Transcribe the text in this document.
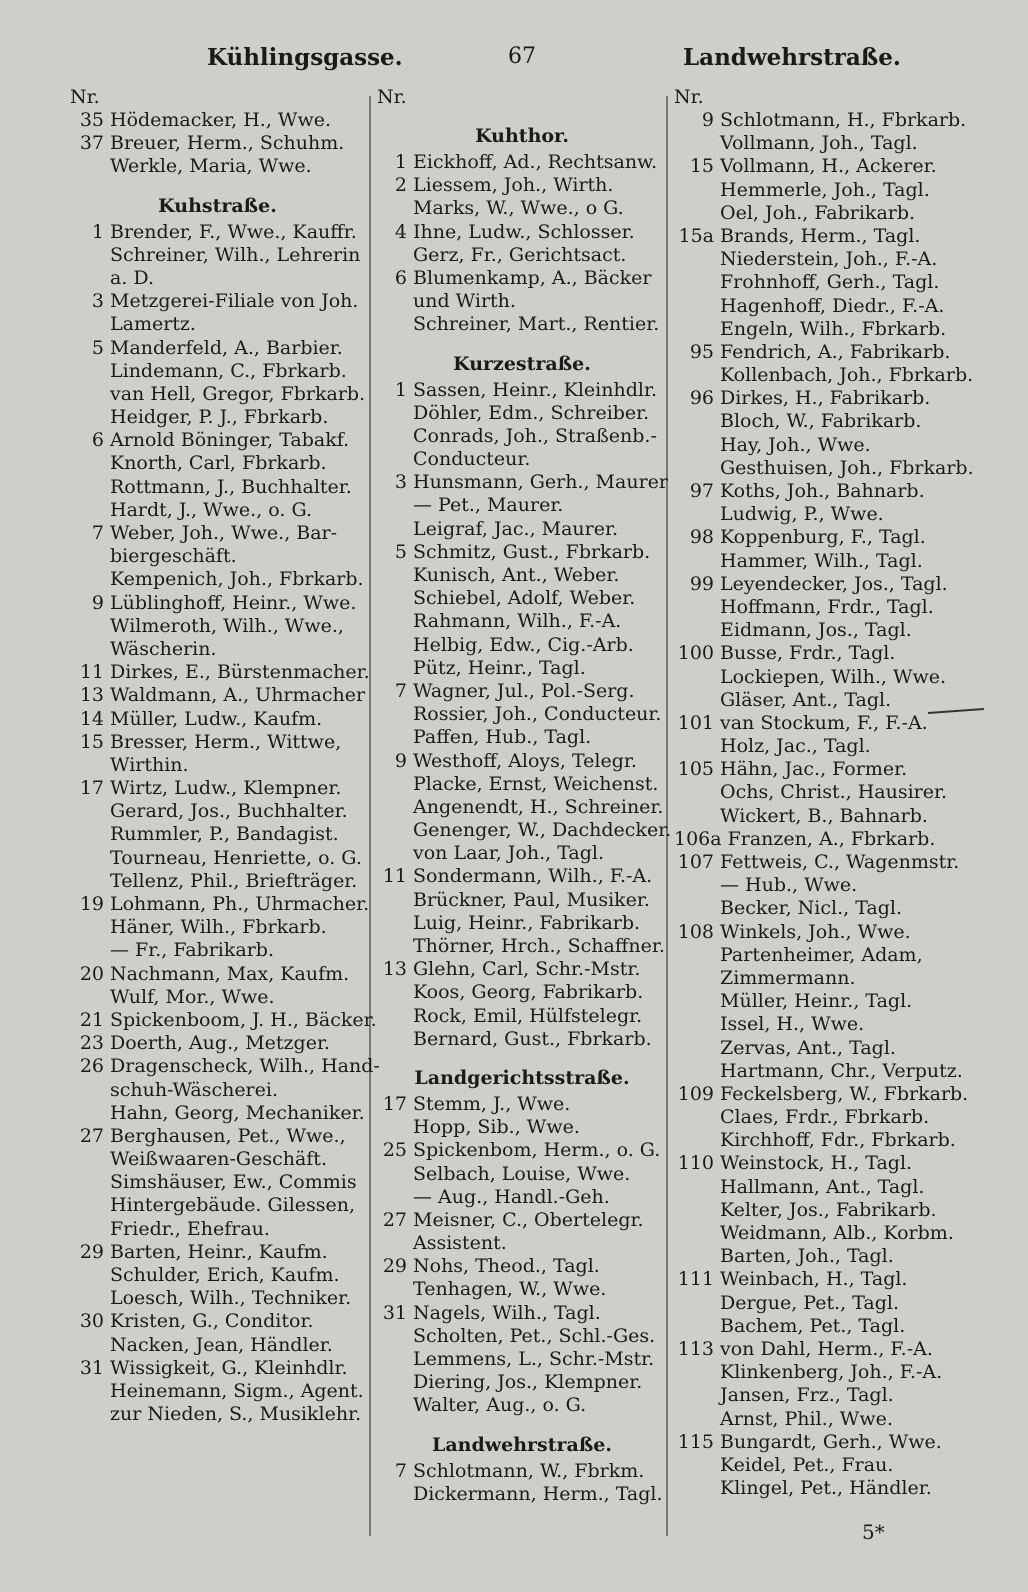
Kühlingsgasse.	67	Landwehrstraße.
Nr.
35 Hödemacker, H., Wwe.
37 Breuer, Herm., Schuhm.
Werkle, Maria, Wwe.
Kuhstraße.
1 Brender, F., Wwe., Kauffr.
Schreiner, Wilh., Lehrerin
a. D.
3 Metzgerei-Filiale von Joh.
Lamertz.
5 Manderfeld, A., Barbier.
Lindemann, C., Fbrkarb.
van Hell, Gregor, Fbrkarb.
Heidger, P. J., Fbrkarb.
6 Arnold Böninger, Tabakf.
Knorth, Carl, Fbrkarb.
Rottmann, J., Buchhalter.
Hardt, J., Wwe., o. G.
7 Weber, Joh., Wwe., Bar-
biergeschäft.
Kempenich, Joh., Fbrkarb.
9 Lüblinghoff, Heinr., Wwe.
Wilmeroth, Wilh., Wwe.,
Wäscherin.
11 Dirkes, E., Bürstenmacher.
13 Waldmann, A., Uhrmacher
14 Müller, Ludw., Kaufm.
15 Bresser, Herm., Wittwe,
Wirthin.
17 Wirtz, Ludw., Klempner.
Gerard, Jos., Buchhalter.
Rummler, P., Bandagist.
Tourneau, Henriette, o. G.
Tellenz, Phil., Briefträger.
19 Lohmann, Ph., Uhrmacher.
Häner, Wilh., Fbrkarb.
— Fr., Fabrikarb.
20 Nachmann, Max, Kaufm.
Wulf, Mor., Wwe.
21 Spickenboom, J. H., Bäcker.
23 Doerth, Aug., Metzger.
26 Dragenscheck, Wilh., Hand-
schuh-Wäscherei.
Hahn, Georg, Mechaniker.
27 Berghausen, Pet., Wwe.,
Weißwaaren-Geschäft.
Simshäuser, Ew., Commis
Hintergebäude. Gilessen,
Friedr., Ehefrau.
29 Barten, Heinr., Kaufm.
Schulder, Erich, Kaufm.
Loesch, Wilh., Techniker.
30 Kristen, G., Conditor.
Nacken, Jean, Händler.
31 Wissigkeit, G., Kleinhdlr.
Heinemann, Sigm., Agent.
zur Nieden, S., Musiklehr.
Nr.
Kuhthor.
1 Eickhoff, Ad., Rechtsanw.
2 Liessem, Joh., Wirth.
Marks, W., Wwe., o G.
4 Ihne, Ludw., Schlosser.
Gerz, Fr., Gerichtsact.
6 Blumenkamp, A., Bäcker
und Wirth.
Schreiner, Mart., Rentier.
Kurzestraße.
1 Sassen, Heinr., Kleinhdlr.
Döhler, Edm., Schreiber.
Conrads, Joh., Straßenb.-
Conducteur.
3 Hunsmann, Gerh., Maurer
— Pet., Maurer.
Leigraf, Jac., Maurer.
5 Schmitz, Gust., Fbrkarb.
Kunisch, Ant., Weber.
Schiebel, Adolf, Weber.
Rahmann, Wilh., F.-A.
Helbig, Edw., Cig.-Arb.
Pütz, Heinr., Tagl.
7 Wagner, Jul., Pol.-Serg.
Rossier, Joh., Conducteur.
Paffen, Hub., Tagl.
9 Westhoff, Aloys, Telegr.
Placke, Ernst, Weichenst.
Angenendt, H., Schreiner.
Genenger, W., Dachdecker.
von Laar, Joh., Tagl.
11 Sondermann, Wilh., F.-A.
Brückner, Paul, Musiker.
Luig, Heinr., Fabrikarb.
Thörner, Hrch., Schaffner.
13 Glehn, Carl, Schr.-Mstr.
Koos, Georg, Fabrikarb.
Rock, Emil, Hülfstelegr.
Bernard, Gust., Fbrkarb.
Landgerichtsstraße.
17 Stemm, J., Wwe.
Hopp, Sib., Wwe.
25 Spickenbom, Herm., o. G.
Selbach, Louise, Wwe.
— Aug., Handl.-Geh.
27 Meisner, C., Obertelegr.
Assistent.
29 Nohs, Theod., Tagl.
Tenhagen, W., Wwe.
31 Nagels, Wilh., Tagl.
Scholten, Pet., Schl.-Ges.
Lemmens, L., Schr.-Mstr.
Diering, Jos., Klempner.
Walter, Aug., o. G.
Landwehrstraße.
7 Schlotmann, W., Fbrkm.
Dickermann, Herm., Tagl.
Nr.
9 Schlotmann, H., Fbrkarb.
Vollmann, Joh., Tagl.
15 Vollmann, H., Ackerer.
Hemmerle, Joh., Tagl.
Oel, Joh., Fabrikarb.
15a Brands, Herm., Tagl.
Niederstein, Joh., F.-A.
Frohnhoff, Gerh., Tagl.
Hagenhoff, Diedr., F.-A.
Engeln, Wilh., Fbrkarb.
95 Fendrich, A., Fabrikarb.
Kollenbach, Joh., Fbrkarb.
96 Dirkes, H., Fabrikarb.
Bloch, W., Fabrikarb.
Hay, Joh., Wwe.
Gesthuisen, Joh., Fbrkarb.
97 Koths, Joh., Bahnarb.
Ludwig, P., Wwe.
98 Koppenburg, F., Tagl.
Hammer, Wilh., Tagl.
99 Leyendecker, Jos., Tagl.
Hoffmann, Frdr., Tagl.
Eidmann, Jos., Tagl.
100 Busse, Frdr., Tagl.
Lockiepen, Wilh., Wwe.
Gläser, Ant., Tagl.
101 van Stockum, F., F.-A.
Holz, Jac., Tagl.
105 Hähn, Jac., Former.
Ochs, Christ., Hausirer.
Wickert, B., Bahnarb.
106a Franzen, A., Fbrkarb.
107 Fettweis, C., Wagenmstr.
— Hub., Wwe.
Becker, Nicl., Tagl.
108 Winkels, Joh., Wwe.
Partenheimer, Adam,
Zimmermann.
Müller, Heinr., Tagl.
Issel, H., Wwe.
Zervas, Ant., Tagl.
Hartmann, Chr., Verputz.
109 Feckelsberg, W., Fbrkarb.
Claes, Frdr., Fbrkarb.
Kirchhoff, Fdr., Fbrkarb.
110 Weinstock, H., Tagl.
Hallmann, Ant., Tagl.
Kelter, Jos., Fabrikarb.
Weidmann, Alb., Korbm.
Barten, Joh., Tagl.
111 Weinbach, H., Tagl.
Dergue, Pet., Tagl.
Bachem, Pet., Tagl.
113 von Dahl, Herm., F.-A.
Klinkenberg, Joh., F.-A.
Jansen, Frz., Tagl.
Arnst, Phil., Wwe.
115 Bungardt, Gerh., Wwe.
Keidel, Pet., Frau.
Klingel, Pet., Händler.
5*
